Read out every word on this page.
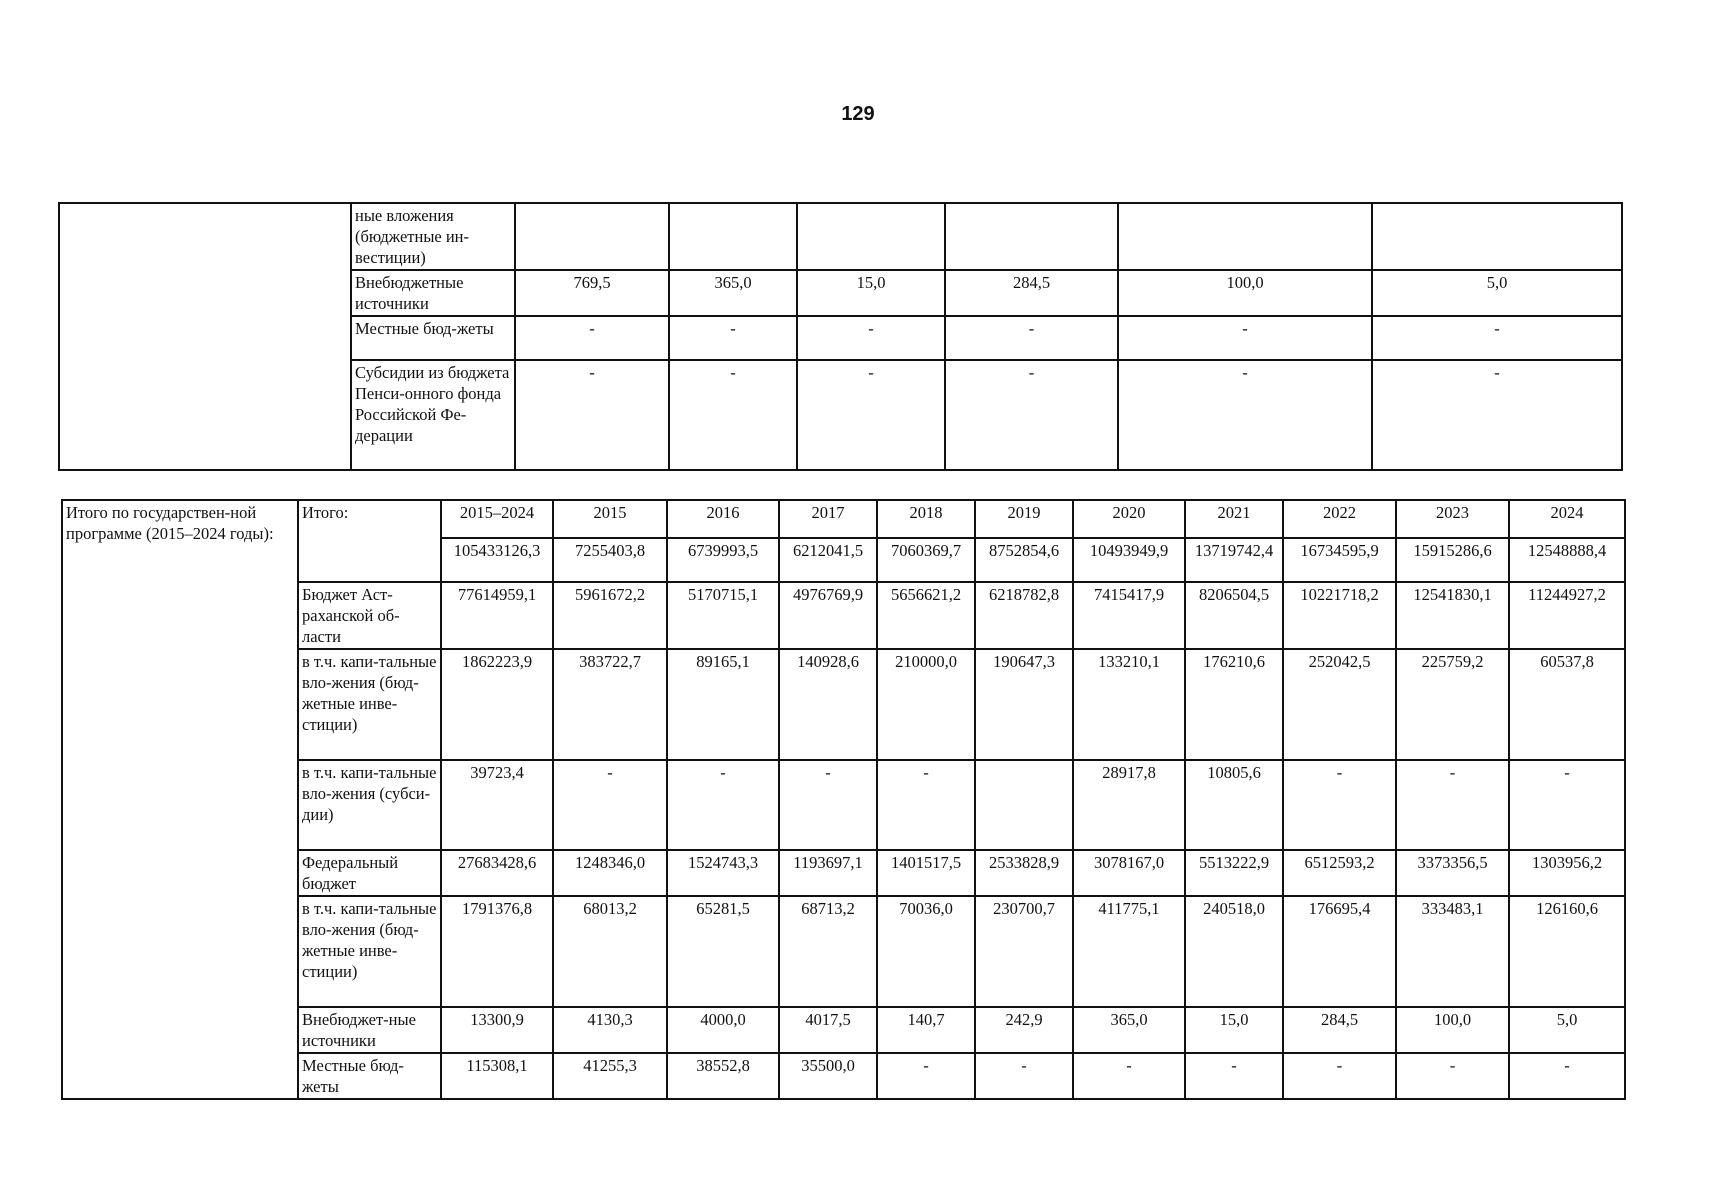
129
	ные вложения (бюджетные ин-вестиции)						
	Внебюджетные источники	769,5	365,0	15,0	284,5	100,0	5,0
	Местные бюд-жеты	-	-	-	-	-	-
	Субсидии из бюджета Пенси-онного фонда Российской Фе-дерации	-	-	-	-	-	-
Итого по государствен-ной программе (2015–2024 годы):	Итого:	2015–2024	2015	2016	2017	2018	2019	2020	2021	2022	2023	2024
		105433126,3	7255403,8	6739993,5	6212041,5	7060369,7	8752854,6	10493949,9	13719742,4	16734595,9	15915286,6	12548888,4
	Бюджет Аст-раханской об-ласти	77614959,1	5961672,2	5170715,1	4976769,9	5656621,2	6218782,8	7415417,9	8206504,5	10221718,2	12541830,1	11244927,2
	в т.ч. капи-тальные вло-жения (бюд-жетные инве-стиции)	1862223,9	383722,7	89165,1	140928,6	210000,0	190647,3	133210,1	176210,6	252042,5	225759,2	60537,8
	в т.ч. капи-тальные вло-жения (субси-дии)	39723,4	-	-	-	-		28917,8	10805,6	-	-	-
	Федеральный бюджет	27683428,6	1248346,0	1524743,3	1193697,1	1401517,5	2533828,9	3078167,0	5513222,9	6512593,2	3373356,5	1303956,2
	в т.ч. капи-тальные вло-жения (бюд-жетные инве-стиции)	1791376,8	68013,2	65281,5	68713,2	70036,0	230700,7	411775,1	240518,0	176695,4	333483,1	126160,6
	Внебюджет-ные источники	13300,9	4130,3	4000,0	4017,5	140,7	242,9	365,0	15,0	284,5	100,0	5,0
	Местные бюд-жеты	115308,1	41255,3	38552,8	35500,0	-	-	-	-	-	-	-
